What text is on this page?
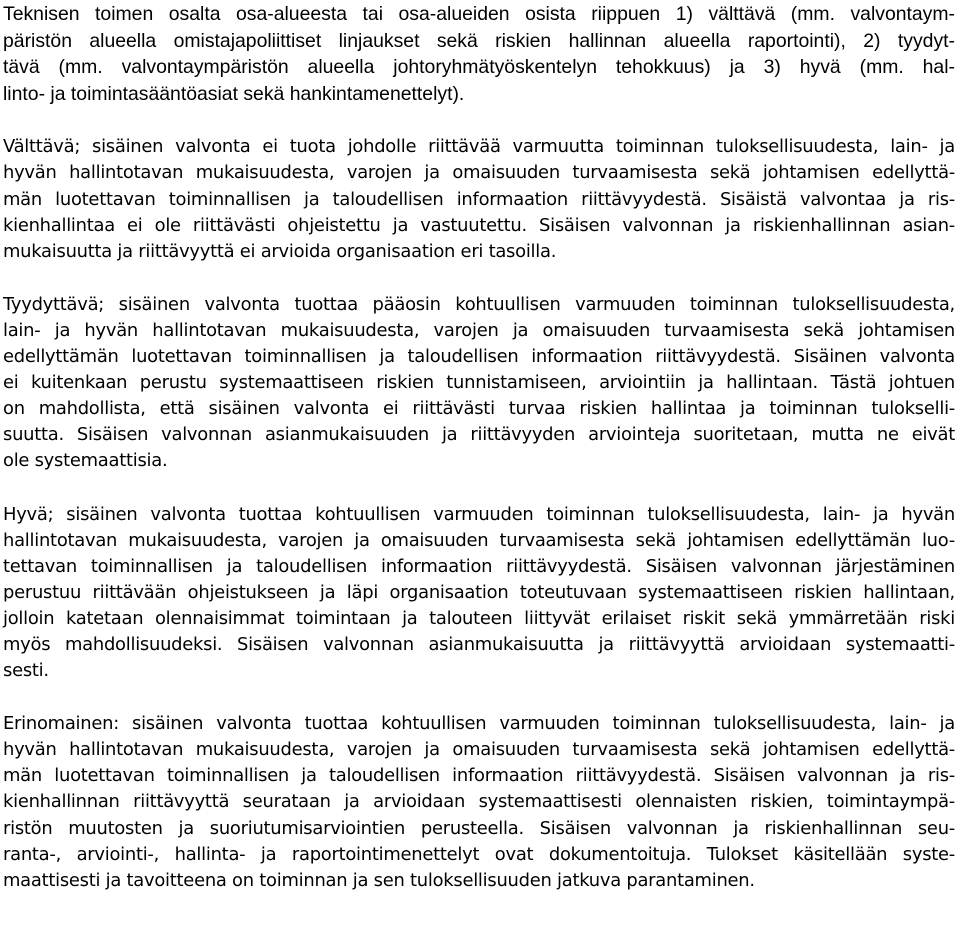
Teknisen toimen osalta osa-alueesta tai osa-alueiden osista riippuen 1) välttävä (mm. valvontaym-
päristön alueella omistajapoliittiset linjaukset sekä riskien hallinnan alueella raportointi), 2) tyydyt-
tävä (mm. valvontaympäristön alueella johtoryhmätyöskentelyn tehokkuus) ja 3) hyvä (mm. hal-
linto- ja toimintasääntöasiat sekä hankintamenettelyt).
Välttävä; sisäinen valvonta ei tuota johdolle riittävää varmuutta toiminnan tuloksellisuudesta, lain- ja
hyvän hallintotavan mukaisuudesta, varojen ja omaisuuden turvaamisesta sekä johtamisen edellyttä-
män luotettavan toiminnallisen ja taloudellisen informaation riittävyydestä. Sisäistä valvontaa ja ris-
kienhallintaa ei ole riittävästi ohjeistettu ja vastuutettu. Sisäisen valvonnan ja riskienhallinnan asian-
mukaisuutta ja riittävyyttä ei arvioida organisaation eri tasoilla.
Tyydyttävä; sisäinen valvonta tuottaa pääosin kohtuullisen varmuuden toiminnan tuloksellisuudesta,
lain- ja hyvän hallintotavan mukaisuudesta, varojen ja omaisuuden turvaamisesta sekä johtamisen
edellyttämän luotettavan toiminnallisen ja taloudellisen informaation riittävyydestä. Sisäinen valvonta
ei kuitenkaan perustu systemaattiseen riskien tunnistamiseen, arviointiin ja hallintaan. Tästä johtuen
on mahdollista, että sisäinen valvonta ei riittävästi turvaa riskien hallintaa ja toiminnan tulokselli-
suutta. Sisäisen valvonnan asianmukaisuuden ja riittävyyden arviointeja suoritetaan, mutta ne eivät
ole systemaattisia.
Hyvä; sisäinen valvonta tuottaa kohtuullisen varmuuden toiminnan tuloksellisuudesta, lain- ja hyvän
hallintotavan mukaisuudesta, varojen ja omaisuuden turvaamisesta sekä johtamisen edellyttämän luo-
tettavan toiminnallisen ja taloudellisen informaation riittävyydestä. Sisäisen valvonnan järjestäminen
perustuu riittävään ohjeistukseen ja läpi organisaation toteutuvaan systemaattiseen riskien hallintaan,
jolloin katetaan olennaisimmat toimintaan ja talouteen liittyvät erilaiset riskit sekä ymmärretään riski
myös mahdollisuudeksi. Sisäisen valvonnan asianmukaisuutta ja riittävyyttä arvioidaan systemaatti-
sesti.
Erinomainen: sisäinen valvonta tuottaa kohtuullisen varmuuden toiminnan tuloksellisuudesta, lain- ja
hyvän hallintotavan mukaisuudesta, varojen ja omaisuuden turvaamisesta sekä johtamisen edellyttä-
män luotettavan toiminnallisen ja taloudellisen informaation riittävyydestä. Sisäisen valvonnan ja ris-
kienhallinnan riittävyyttä seurataan ja arvioidaan systemaattisesti olennaisten riskien, toimintaympä-
ristön muutosten ja suoriutumisarviointien perusteella. Sisäisen valvonnan ja riskienhallinnan seu-
ranta-, arviointi-, hallinta- ja raportointimenettelyt ovat dokumentoituja. Tulokset käsitellään syste-
maattisesti ja tavoitteena on toiminnan ja sen tuloksellisuuden jatkuva parantaminen.
